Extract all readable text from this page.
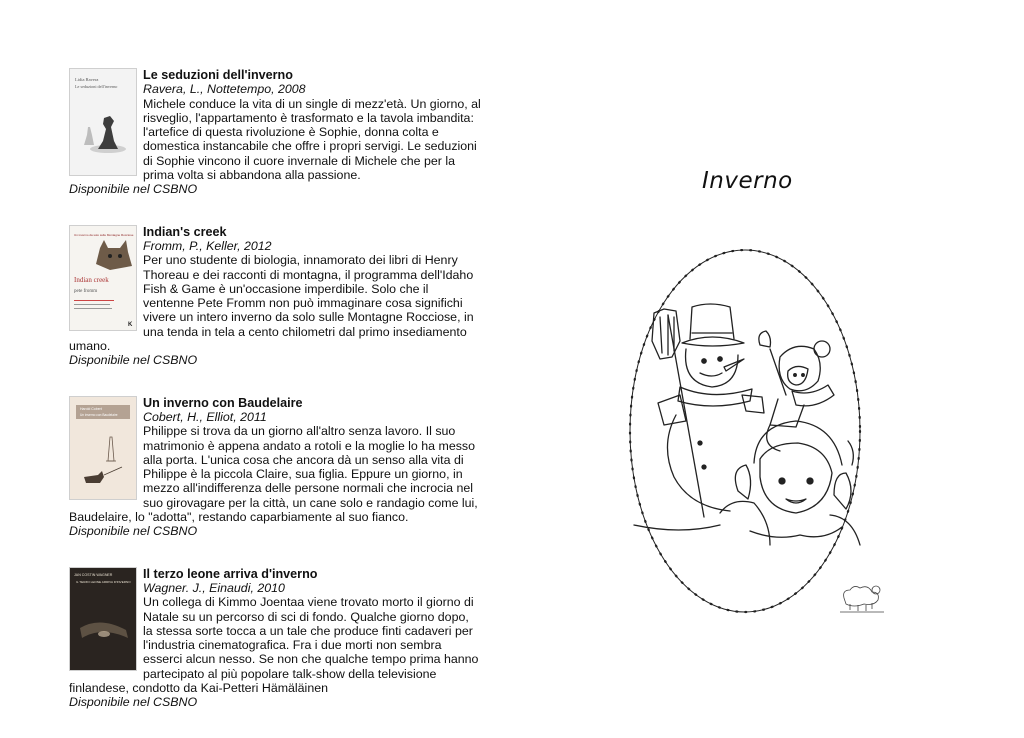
Lidia Ravera
Le seduzioni dell'inverno
Le seduzioni dell'inverno
Ravera, L., Nottetempo, 2008
Michele conduce la vita di un single di mezz'età. Un giorno, al risveglio, l'appartamento è trasformato e la tavola imbandita: l'artefice di questa rivoluzione è Sophie, donna colta e domestica instancabile che offre i propri servigi. Le seduzioni di Sophie vincono il cuore invernale di Michele che per la prima volta si abbandona alla passione.
Disponibile nel CSBNO
Un inverno da solo sulle Montagne Rocciose
Indian creek
pete fromm
K
Indian's creek
Fromm, P., Keller, 2012
Per uno studente di biologia, innamorato dei libri di Henry Thoreau e dei racconti di montagna, il programma dell'Idaho Fish & Game è un'occasione imperdibile. Solo che il ventenne Pete Fromm non può immaginare cosa significhi vivere un intero inverno da solo sulle Montagne Rocciose, in una tenda in tela a cento chilometri dal primo insediamento umano.
Disponibile nel CSBNO
Harold Cobert
Un inverno con Baudelaire
Un inverno con Baudelaire
Cobert, H., Elliot, 2011
Philippe si trova da un giorno all'altro senza lavoro. Il suo matrimonio è appena andato a rotoli e la moglie lo ha messo alla porta. L'unica cosa che ancora dà un senso alla vita di Philippe è la piccola Claire, sua figlia. Eppure un giorno, in mezzo all'indifferenza delle persone normali che incrocia nel suo girovagare per la città, un cane solo e randagio come lui, Baudelaire, lo "adotta", restando caparbiamente al suo fianco.
Disponibile nel CSBNO
JAN COSTIN WAGNER
IL TERZO LEONE ARRIVA D'INVERNO
Il terzo leone arriva d'inverno
Wagner. J., Einaudi, 2010
Un collega di Kimmo Joentaa viene trovato morto il giorno di Natale su un percorso di sci di fondo. Qualche giorno dopo, la stessa sorte tocca a un tale che produce finti cadaveri per l'industria cinematografica. Fra i due morti non sembra esserci alcun nesso. Se non che qualche tempo prima hanno partecipato al più popolare talk-show della televisione finlandese, condotto da Kai-Petteri Hämäläinen
Disponibile nel CSBNO
Inverno
